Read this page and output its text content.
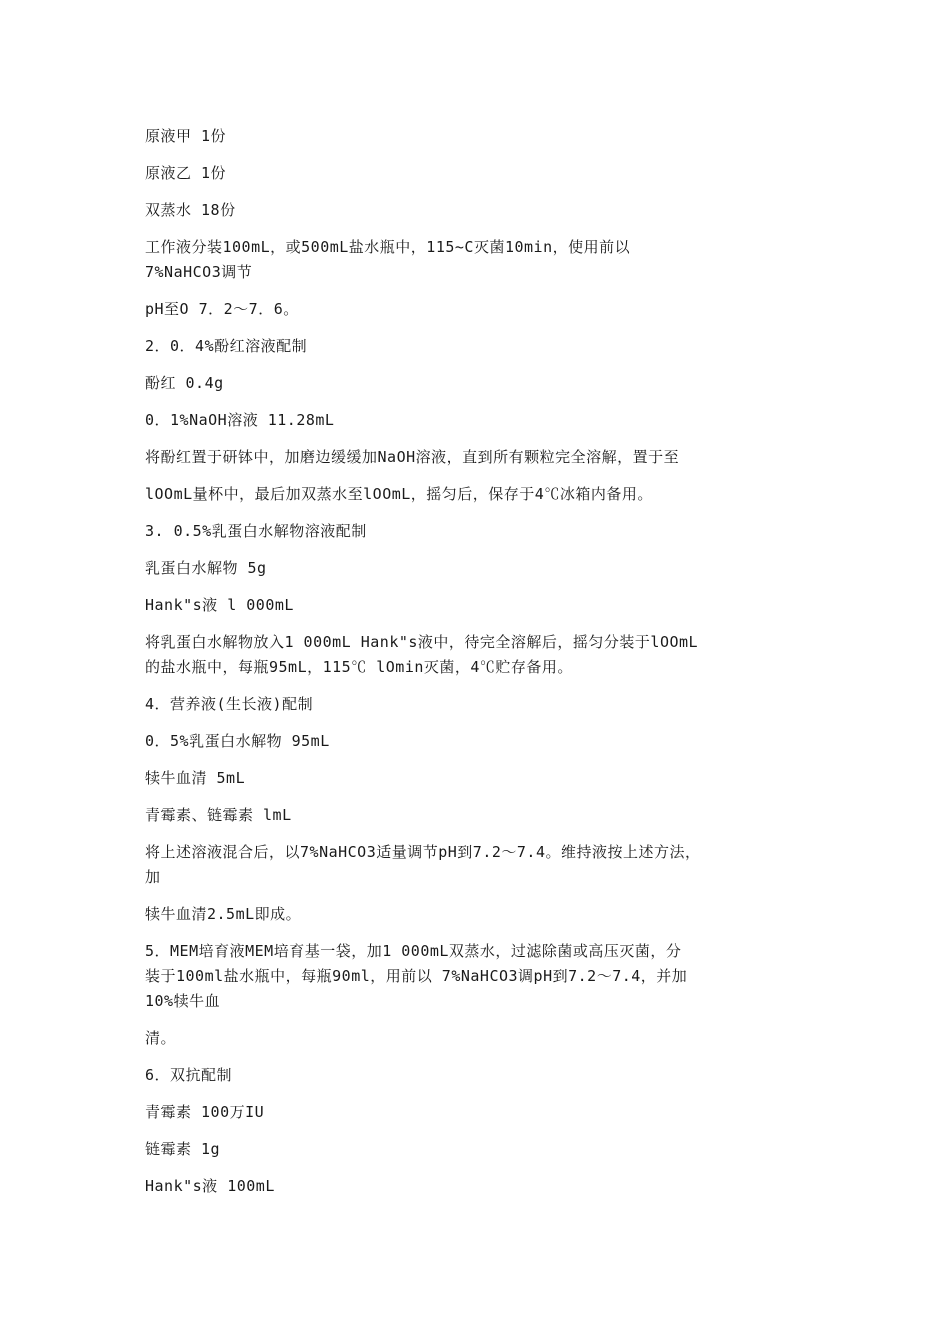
原液甲 1份

原液乙 1份

双蒸水 18份

工作液分装100mL，或500mL盐水瓶中，115~C灭菌10min，使用前以
7%NaHCO3调节

pH至O 7．2～7．6。

2．0．4%酚红溶液配制

酚红 0.4g

0．1%NaOH溶液 11.28mL

将酚红置于研钵中，加磨边缓缓加NaOH溶液，直到所有颗粒完全溶解，置于至

lOOmL量杯中，最后加双蒸水至lOOmL，摇匀后，保存于4℃冰箱内备用。

3. 0.5%乳蛋白水解物溶液配制

乳蛋白水解物 5g

Hank"s液 l 000mL

将乳蛋白水解物放入1 000mL Hank"s液中，待完全溶解后，摇匀分装于lOOmL
的盐水瓶中，每瓶95mL，115℃ lOmin灭菌，4℃贮存备用。

4．营养液(生长液)配制

0．5%乳蛋白水解物 95mL

犊牛血清 5mL

青霉素、链霉素 lmL

将上述溶液混合后，以7%NaHCO3适量调节pH到7.2～7.4。维持液按上述方法，
加

犊牛血清2.5mL即成。

5．MEM培育液MEM培育基一袋，加1 000mL双蒸水，过滤除菌或高压灭菌，分
装于100ml盐水瓶中，每瓶90ml，用前以 7%NaHCO3调pH到7.2～7.4，并加
10%犊牛血

清。

6．双抗配制

青霉素 100万IU

链霉素 1g

Hank"s液 100mL
